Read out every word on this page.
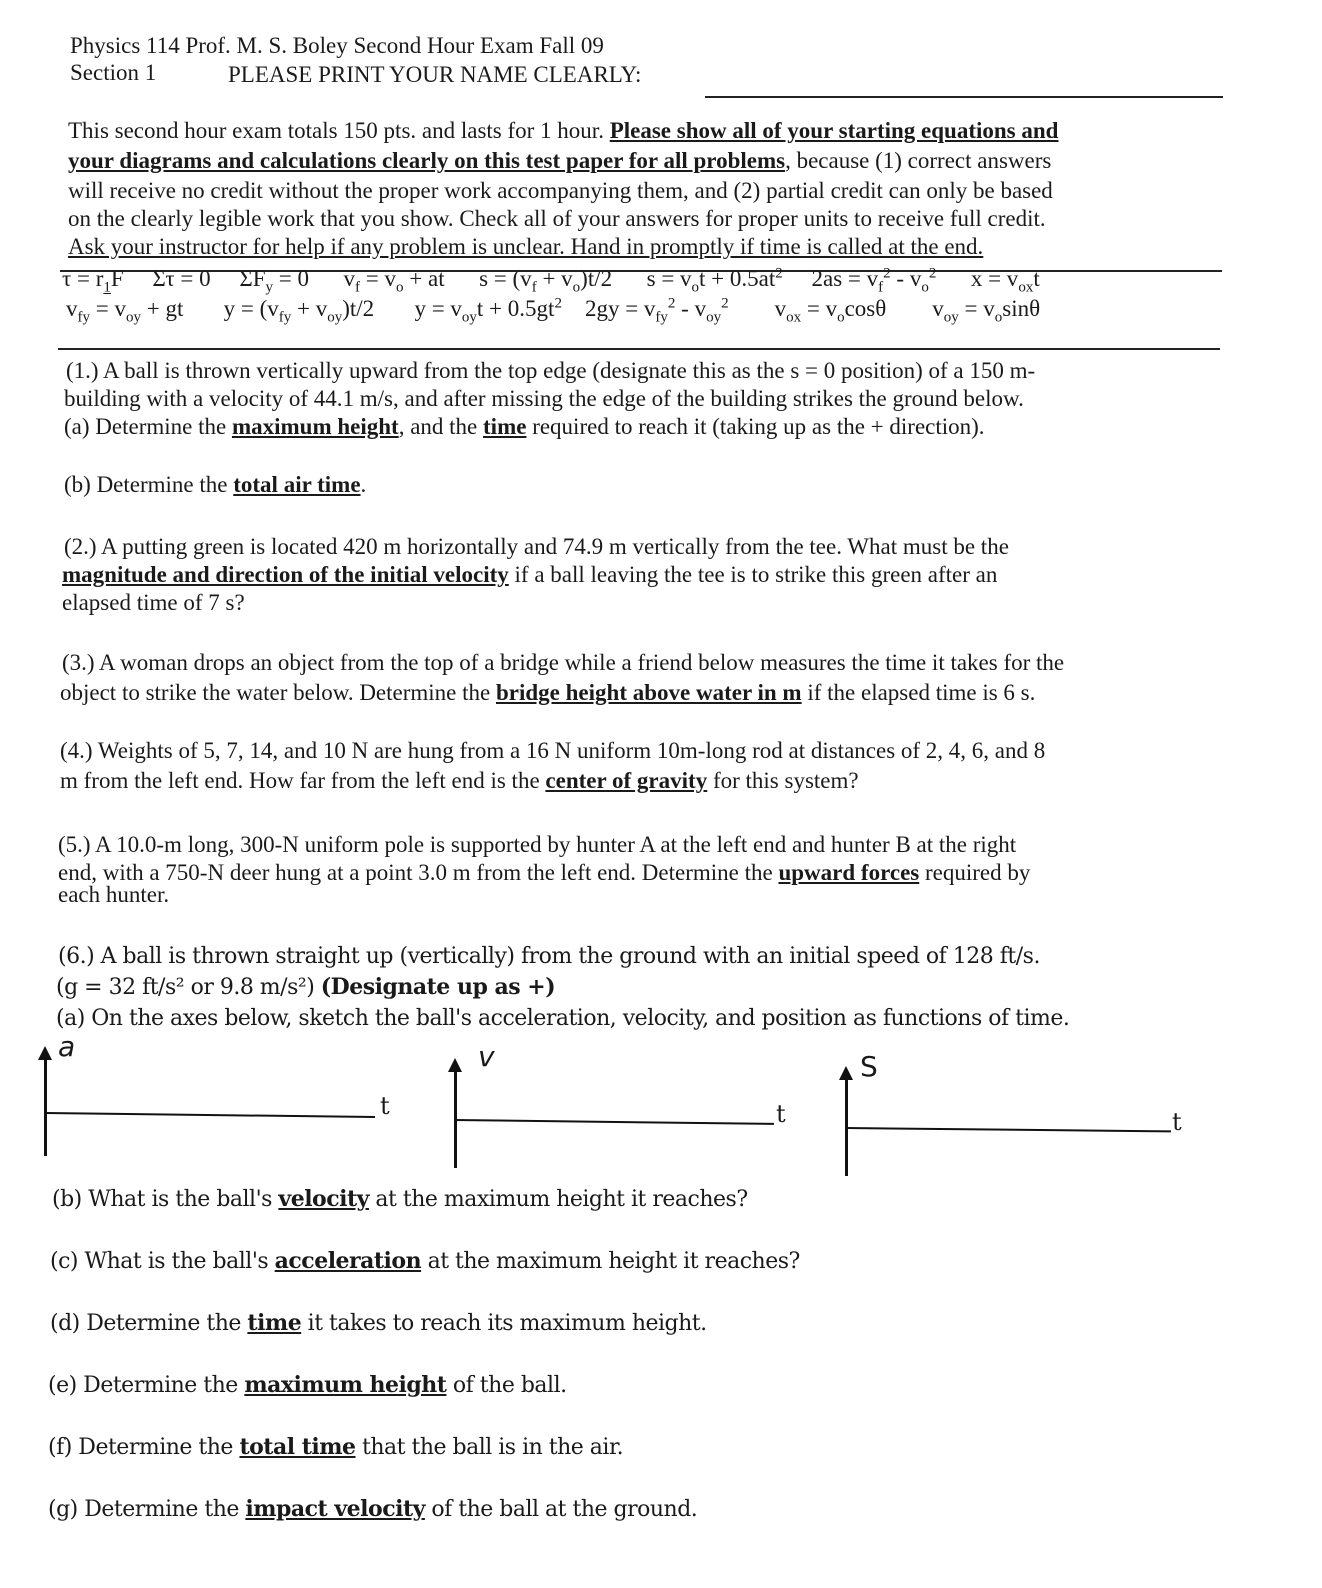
Physics 114 Prof. M. S. Boley Second Hour Exam Fall 09
Section 1	PLEASE PRINT YOUR NAME CLEARLY:
This second hour exam totals 150 pts. and lasts for 1 hour. Please show all of your starting equations and
your diagrams and calculations clearly on this test paper for all problems, because (1) correct answers
will receive no credit without the proper work accompanying them, and (2) partial credit can only be based
on the clearly legible work that you show. Check all of your answers for proper units to receive full credit.
Ask your instructor for help if any problem is unclear. Hand in promptly if time is called at the end.
$\tau = r_1F$ Στ = 0 $\Sigma F_y = 0$ $v_f = v_o$ + at $s = (v_f + v_o)t/2$ $s = v_ot + 0.5at^2$ $2as = v_f^2 - v_o^2$ $x = v_{ox}t$
$v_{fy} = v_{oy}$ + gt $y = (v_{fy} + v_{oy})t/2$ $y = v_{oy}t + 0.5gt^2$ $2gy = v_{fy}^2 - v_{oy}^2$ $v_{ox} = v_o\cos\theta$ $v_{oy} = v_o\sin\theta$
(1.) A ball is thrown vertically upward from the top edge (designate this as the s = 0 position) of a 150 m-
building with a velocity of 44.1 m/s, and after missing the edge of the building strikes the ground below.
(a) Determine the maximum height, and the time required to reach it (taking up as the + direction).
(b) Determine the total air time.
(2.) A putting green is located 420 m horizontally and 74.9 m vertically from the tee. What must be the
magnitude and direction of the initial velocity if a ball leaving the tee is to strike this green after an
elapsed time of 7 s?
(3.) A woman drops an object from the top of a bridge while a friend below measures the time it takes for the
object to strike the water below. Determine the bridge height above water in m if the elapsed time is 6 s.
(4.) Weights of 5, 7, 14, and 10 N are hung from a 16 N uniform 10m-long rod at distances of 2, 4, 6, and 8
m from the left end. How far from the left end is the center of gravity for this system?
(5.) A 10.0-m long, 300-N uniform pole is supported by hunter A at the left end and hunter B at the right
end, with a 750-N deer hung at a point 3.0 m from the left end. Determine the upward forces required by
each hunter.
(6.) A ball is thrown straight up (vertically) from the ground with an initial speed of 128 ft/s.
(g = 32 ft/s² or 9.8 m/s²) (Designate up as +)
(a) On the axes below, sketch the ball's acceleration, velocity, and position as functions of time.
a
t
v
t
S
t
(b) What is the ball's velocity at the maximum height it reaches?
(c) What is the ball's acceleration at the maximum height it reaches?
(d) Determine the time it takes to reach its maximum height.
(e) Determine the maximum height of the ball.
(f) Determine the total time that the ball is in the air.
(g) Determine the impact velocity of the ball at the ground.
